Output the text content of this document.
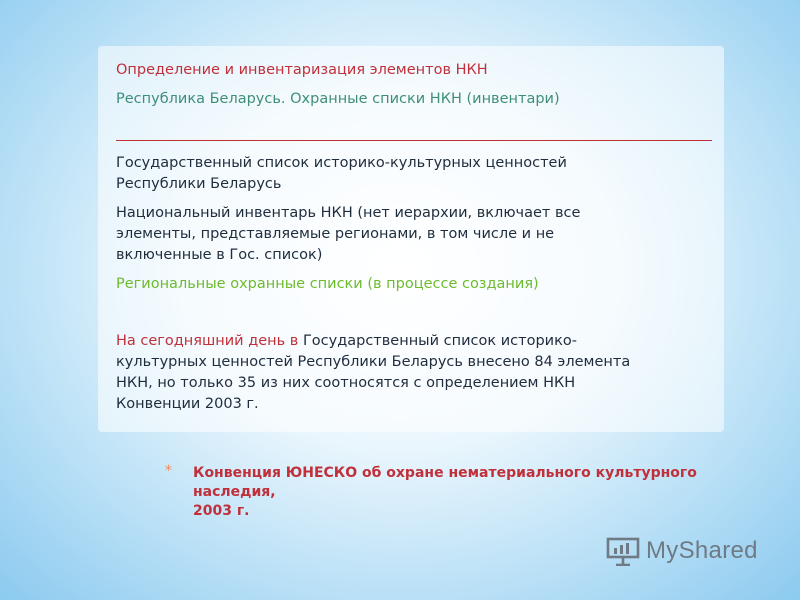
Определение и инвентаризация элементов НКН

Республика Беларусь. Охранные списки НКН (инвентари)

Государственный список историко-культурных ценностей
Республики Беларусь

Национальный инвентарь НКН (нет иерархии, включает все
элементы, представляемые регионами, в том числе и не
включенные в Гос. список)

Региональные охранные списки (в процессе создания)

На сегодняшний день в Государственный список историко-
культурных ценностей Республики Беларусь внесено 84 элемента
НКН, но только 35 из них соотносятся с определением НКН
Конвенции 2003 г.

* Конвенция ЮНЕСКО об охране нематериального культурного наследия,
2003 г.
MyShared
